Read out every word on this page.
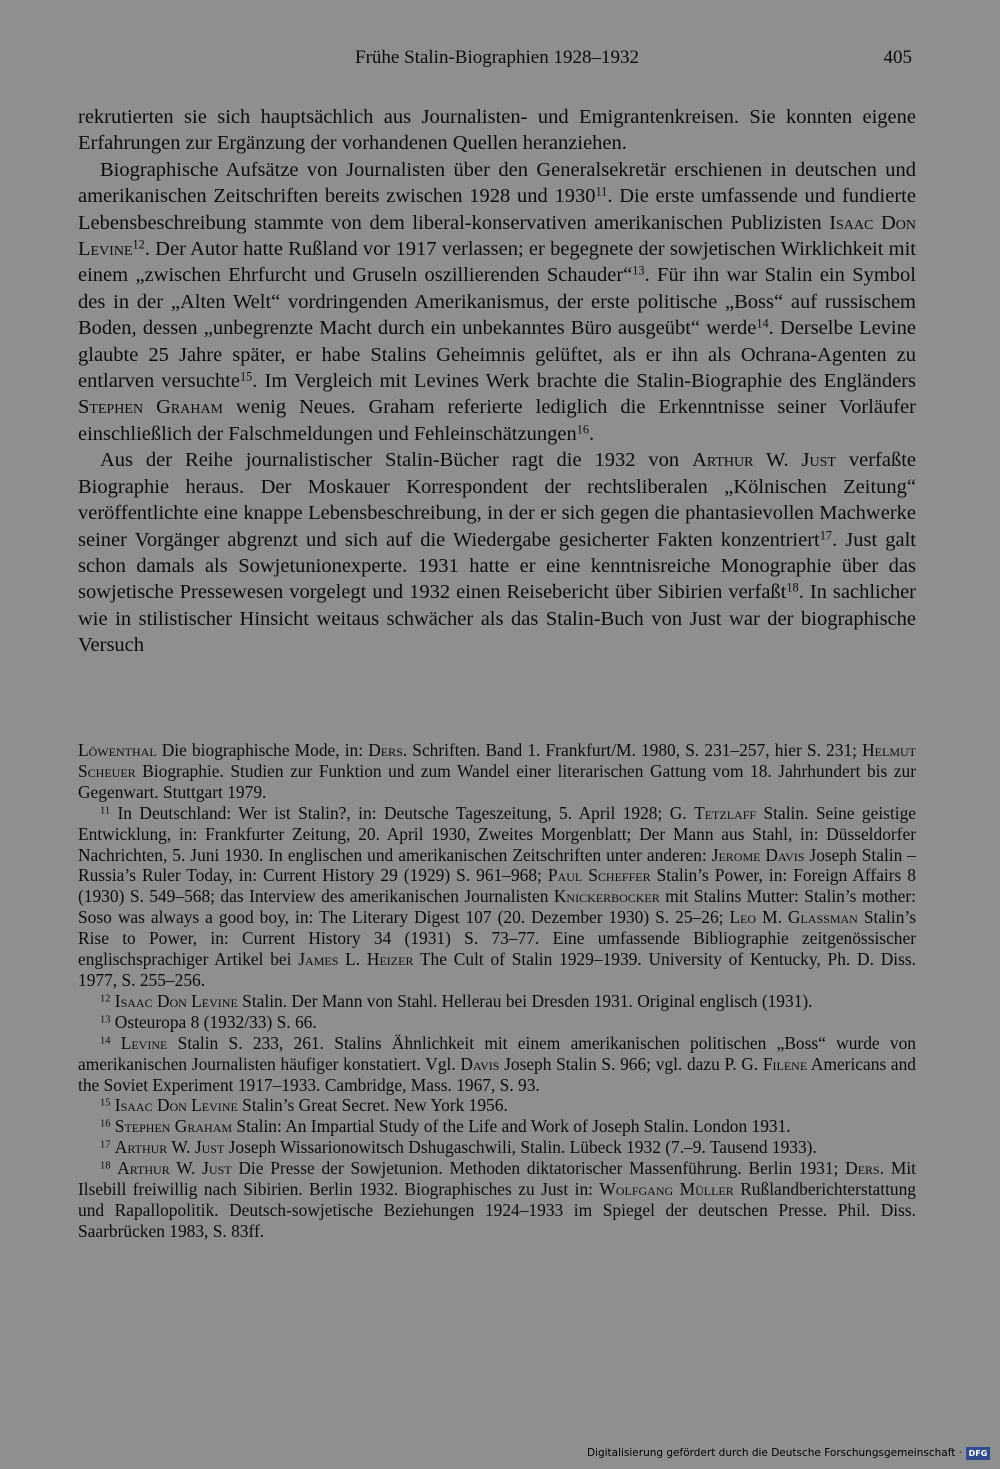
Frühe Stalin-Biographien 1928–1932	405

rekrutierten sie sich hauptsächlich aus Journalisten- und Emigrantenkreisen. Sie konnten eigene Erfahrungen zur Ergänzung der vorhandenen Quellen heranziehen.

Biographische Aufsätze von Journalisten über den Generalsekretär erschienen in deutschen und amerikanischen Zeitschriften bereits zwischen 1928 und 1930$^{11}$. Die erste umfassende und fundierte Lebensbeschreibung stammte von dem liberal-konservativen amerikanischen Publizisten Isaac Don Levine$^{12}$. Der Autor hatte Rußland vor 1917 verlassen; er begegnete der sowjetischen Wirklichkeit mit einem „zwischen Ehrfurcht und Gruseln oszillierenden Schauder“$^{13}$. Für ihn war Stalin ein Symbol des in der „Alten Welt“ vordringenden Amerikanismus, der erste politische „Boss“ auf russischem Boden, dessen „unbegrenzte Macht durch ein unbekanntes Büro ausgeübt“ werde$^{14}$. Derselbe Levine glaubte 25 Jahre später, er habe Stalins Geheimnis gelüftet, als er ihn als Ochrana-Agenten zu entlarven versuchte$^{15}$. Im Vergleich mit Levines Werk brachte die Stalin-Biographie des Engländers Stephen Graham wenig Neues. Graham referierte lediglich die Erkenntnisse seiner Vorläufer einschließlich der Falschmeldungen und Fehleinschätzungen$^{16}$.

Aus der Reihe journalistischer Stalin-Bücher ragt die 1932 von Arthur W. Just verfaßte Biographie heraus. Der Moskauer Korrespondent der rechtsliberalen „Kölnischen Zeitung“ veröffentlichte eine knappe Lebensbeschreibung, in der er sich gegen die phantasievollen Machwerke seiner Vorgänger abgrenzt und sich auf die Wiedergabe gesicherter Fakten konzentriert$^{17}$. Just galt schon damals als Sowjetunionexperte. 1931 hatte er eine kenntnisreiche Monographie über das sowjetische Pressewesen vorgelegt und 1932 einen Reisebericht über Sibirien verfaßt$^{18}$. In sachlicher wie in stilistischer Hinsicht weitaus schwächer als das Stalin-Buch von Just war der biographische Versuch

Löwenthal Die biographische Mode, in: Ders. Schriften. Band 1. Frankfurt/M. 1980, S. 231–257, hier S. 231; Helmut Scheuer Biographie. Studien zur Funktion und zum Wandel einer literarischen Gattung vom 18. Jahrhundert bis zur Gegenwart. Stuttgart 1979.

$^{11}$ In Deutschland: Wer ist Stalin?, in: Deutsche Tageszeitung, 5. April 1928; G. Tetzlaff Stalin. Seine geistige Entwicklung, in: Frankfurter Zeitung, 20. April 1930, Zweites Morgenblatt; Der Mann aus Stahl, in: Düsseldorfer Nachrichten, 5. Juni 1930. In englischen und amerikanischen Zeitschriften unter anderen: Jerome Davis Joseph Stalin – Russia’s Ruler Today, in: Current History 29 (1929) S. 961–968; Paul Scheffer Stalin’s Power, in: Foreign Affairs 8 (1930) S. 549–568; das Interview des amerikanischen Journalisten Knickerbocker mit Stalins Mutter: Stalin’s mother: Soso was always a good boy, in: The Literary Digest 107 (20. Dezember 1930) S. 25–26; Leo M. Glassman Stalin’s Rise to Power, in: Current History 34 (1931) S. 73–77. Eine umfassende Bibliographie zeitgenössischer englischsprachiger Artikel bei James L. Heizer The Cult of Stalin 1929–1939. University of Kentucky, Ph. D. Diss. 1977, S. 255–256.

$^{12}$ Isaac Don Levine Stalin. Der Mann von Stahl. Hellerau bei Dresden 1931. Original englisch (1931).

$^{13}$ Osteuropa 8 (1932/33) S. 66.

$^{14}$ Levine Stalin S. 233, 261. Stalins Ähnlichkeit mit einem amerikanischen politischen „Boss“ wurde von amerikanischen Journalisten häufiger konstatiert. Vgl. Davis Joseph Stalin S. 966; vgl. dazu P. G. Filene Americans and the Soviet Experiment 1917–1933. Cambridge, Mass. 1967, S. 93.

$^{15}$ Isaac Don Levine Stalin’s Great Secret. New York 1956.

$^{16}$ Stephen Graham Stalin: An Impartial Study of the Life and Work of Joseph Stalin. London 1931.

$^{17}$ Arthur W. Just Joseph Wissarionowitsch Dshugaschwili, Stalin. Lübeck 1932 (7.–9. Tausend 1933).

$^{18}$ Arthur W. Just Die Presse der Sowjetunion. Methoden diktatorischer Massenführung. Berlin 1931; Ders. Mit Ilsebill freiwillig nach Sibirien. Berlin 1932. Biographisches zu Just in: Wolfgang Müller Rußlandberichterstattung und Rapallopolitik. Deutsch-sowjetische Beziehungen 1924–1933 im Spiegel der deutschen Presse. Phil. Diss. Saarbrücken 1983, S. 83ff.

Digitalisierung gefördert durch die Deutsche Forschungsgemeinschaft · DFG
